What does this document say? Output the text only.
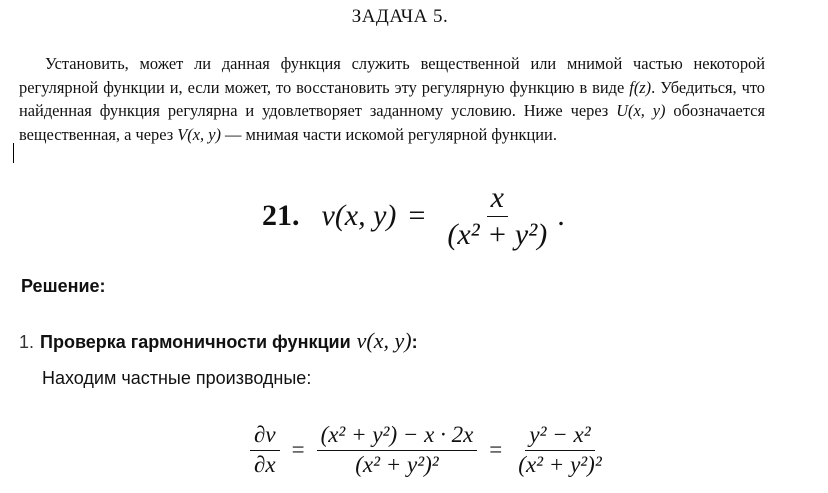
ЗАДАЧА 5.
Установить, может ли данная функция служить вещественной или мнимой частью некоторой регулярной функции и, если может, то восстановить эту регулярную функцию в виде f(z). Убедиться, что найденная функция регулярна и удовлетворяет заданному условию. Ниже через U(x, y) обозначается вещественная, а через V(x, y) — мнимая части искомой регулярной функции.
21. v(x, $y) = \frac{x}{\text{(x² + y²)}}$ .
Решение:
1. Проверка гармоничности функции v(x, y) :
Находим частные производные:
$\frac{\partial v}{\partial x} = \frac{\text{(x² + y²) − x · 2x}}{\text{(x² + y²)²}} = \frac{\text{y² − x²}}{\text{(x² + y²)²}}$
